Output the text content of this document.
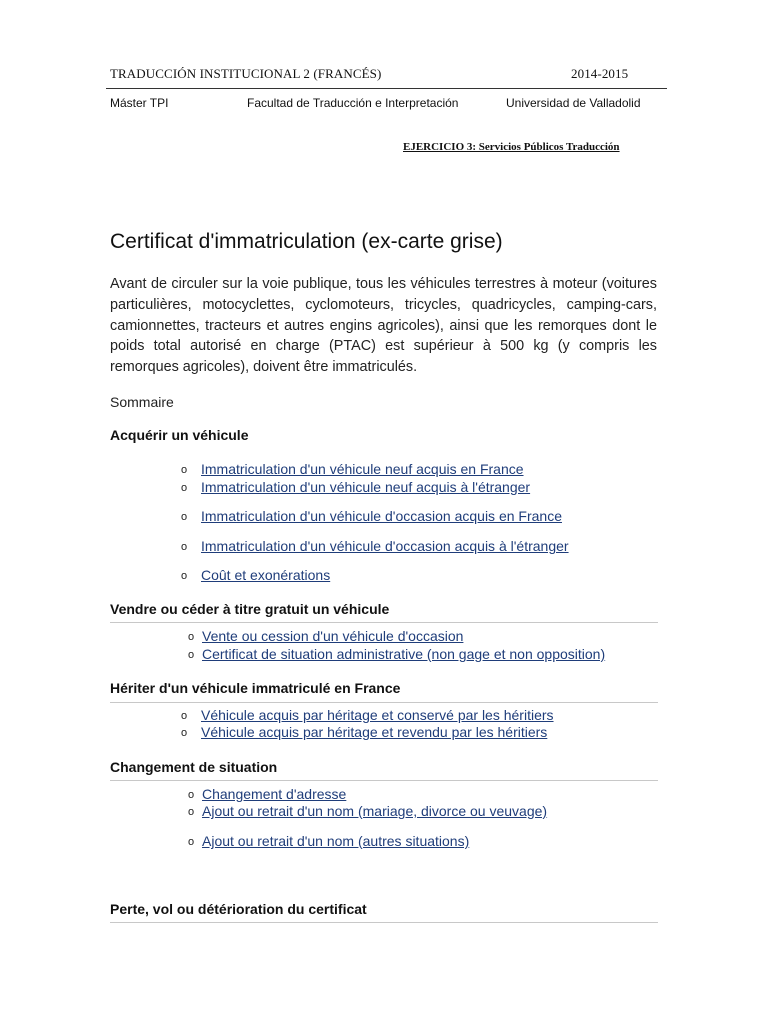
TRADUCCIÓN INSTITUCIONAL 2 (FRANCÉS)	2014-2015
Máster TPI	Facultad de Traducción e Interpretación	Universidad de Valladolid
EJERCICIO 3: Servicios Públicos Traducción
Certificat d'immatriculation (ex-carte grise)

Avant de circuler sur la voie publique, tous les véhicules terrestres à moteur (voitures particulières, motocyclettes, cyclomoteurs, tricycles, quadricycles, camping-cars, camionnettes, tracteurs et autres engins agricoles), ainsi que les remorques dont le poids total autorisé en charge (PTAC) est supérieur à 500 kg (y compris les remorques agricoles), doivent être immatriculés.

Sommaire
Acquérir un véhicule
o Immatriculation d'un véhicule neuf acquis en France
o Immatriculation d'un véhicule neuf acquis à l'étranger
o Immatriculation d'un véhicule d'occasion acquis en France
o Immatriculation d'un véhicule d'occasion acquis à l'étranger
o Coût et exonérations
Vendre ou céder à titre gratuit un véhicule
o Vente ou cession d'un véhicule d'occasion
o Certificat de situation administrative (non gage et non opposition)
Hériter d'un véhicule immatriculé en France
o Véhicule acquis par héritage et conservé par les héritiers
o Véhicule acquis par héritage et revendu par les héritiers
Changement de situation
o Changement d'adresse
o Ajout ou retrait d'un nom (mariage, divorce ou veuvage)
o Ajout ou retrait d'un nom (autres situations)
Perte, vol ou détérioration du certificat
